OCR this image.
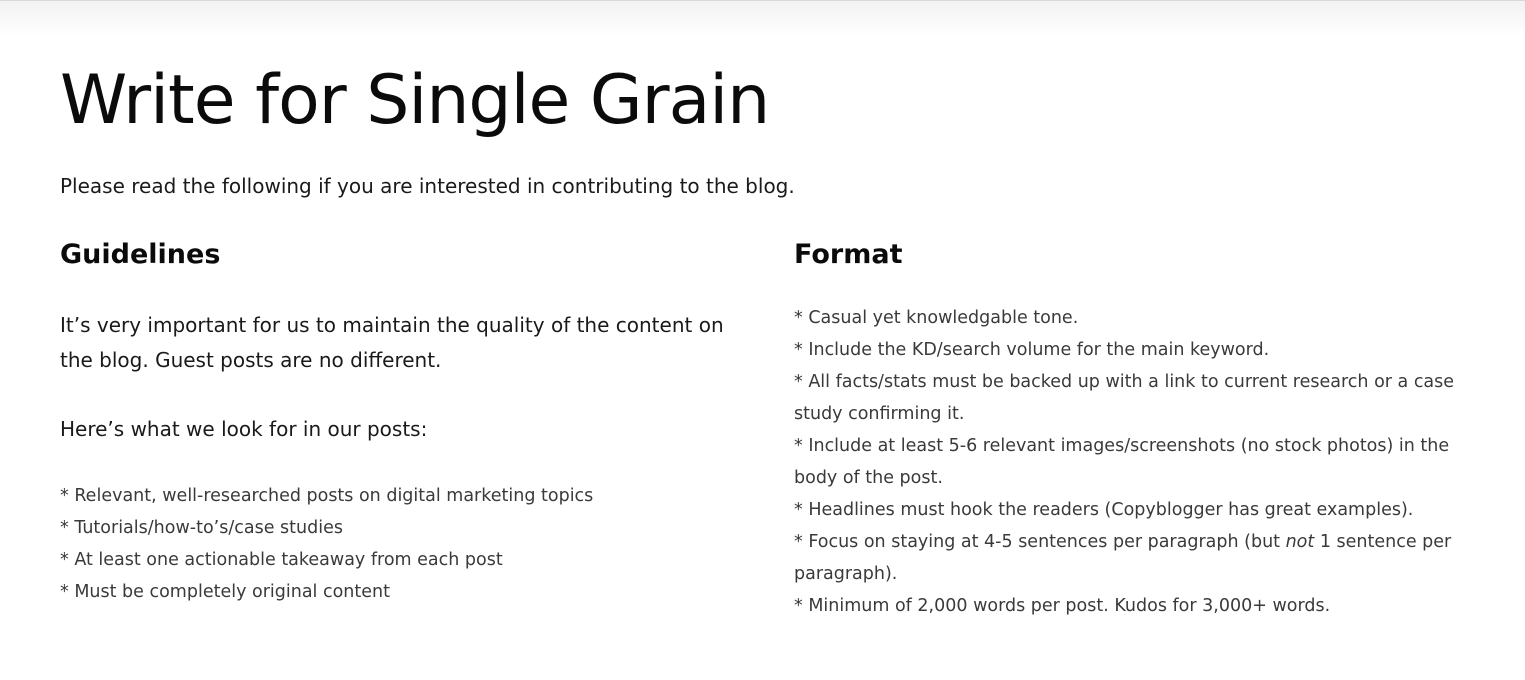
Write for Single Grain

Please read the following if you are interested in contributing to the blog.

Guidelines

It’s very important for us to maintain the quality of the content on the blog. Guest posts are no different.

Here’s what we look for in our posts:

* Relevant, well-researched posts on digital marketing topics
* Tutorials/how-to’s/case studies
* At least one actionable takeaway from each post
* Must be completely original content
Format
* Casual yet knowledgable tone.
* Include the KD/search volume for the main keyword.
* All facts/stats must be backed up with a link to current research or a case study confirming it.
* Include at least 5-6 relevant images/screenshots (no stock photos) in the body of the post.
* Headlines must hook the readers (Copyblogger has great examples).
* Focus on staying at 4-5 sentences per paragraph (but not 1 sentence per paragraph).
* Minimum of 2,000 words per post. Kudos for 3,000+ words.
